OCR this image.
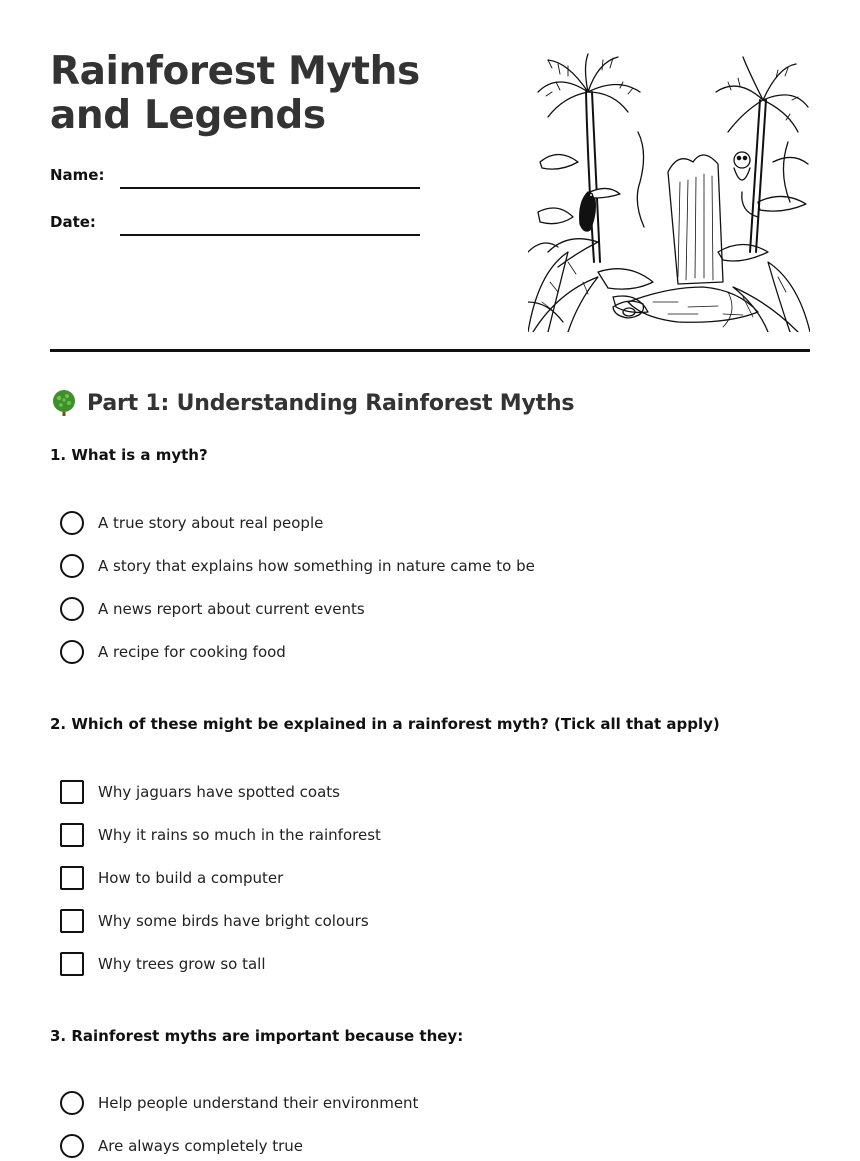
Rainforest Myths and Legends
Name:
Date:
Part 1: Understanding Rainforest Myths
1. What is a myth?
A true story about real people
A story that explains how something in nature came to be
A news report about current events
A recipe for cooking food
2. Which of these might be explained in a rainforest myth? (Tick all that apply)
Why jaguars have spotted coats
Why it rains so much in the rainforest
How to build a computer
Why some birds have bright colours
Why trees grow so tall
3. Rainforest myths are important because they:
Help people understand their environment
Are always completely true
